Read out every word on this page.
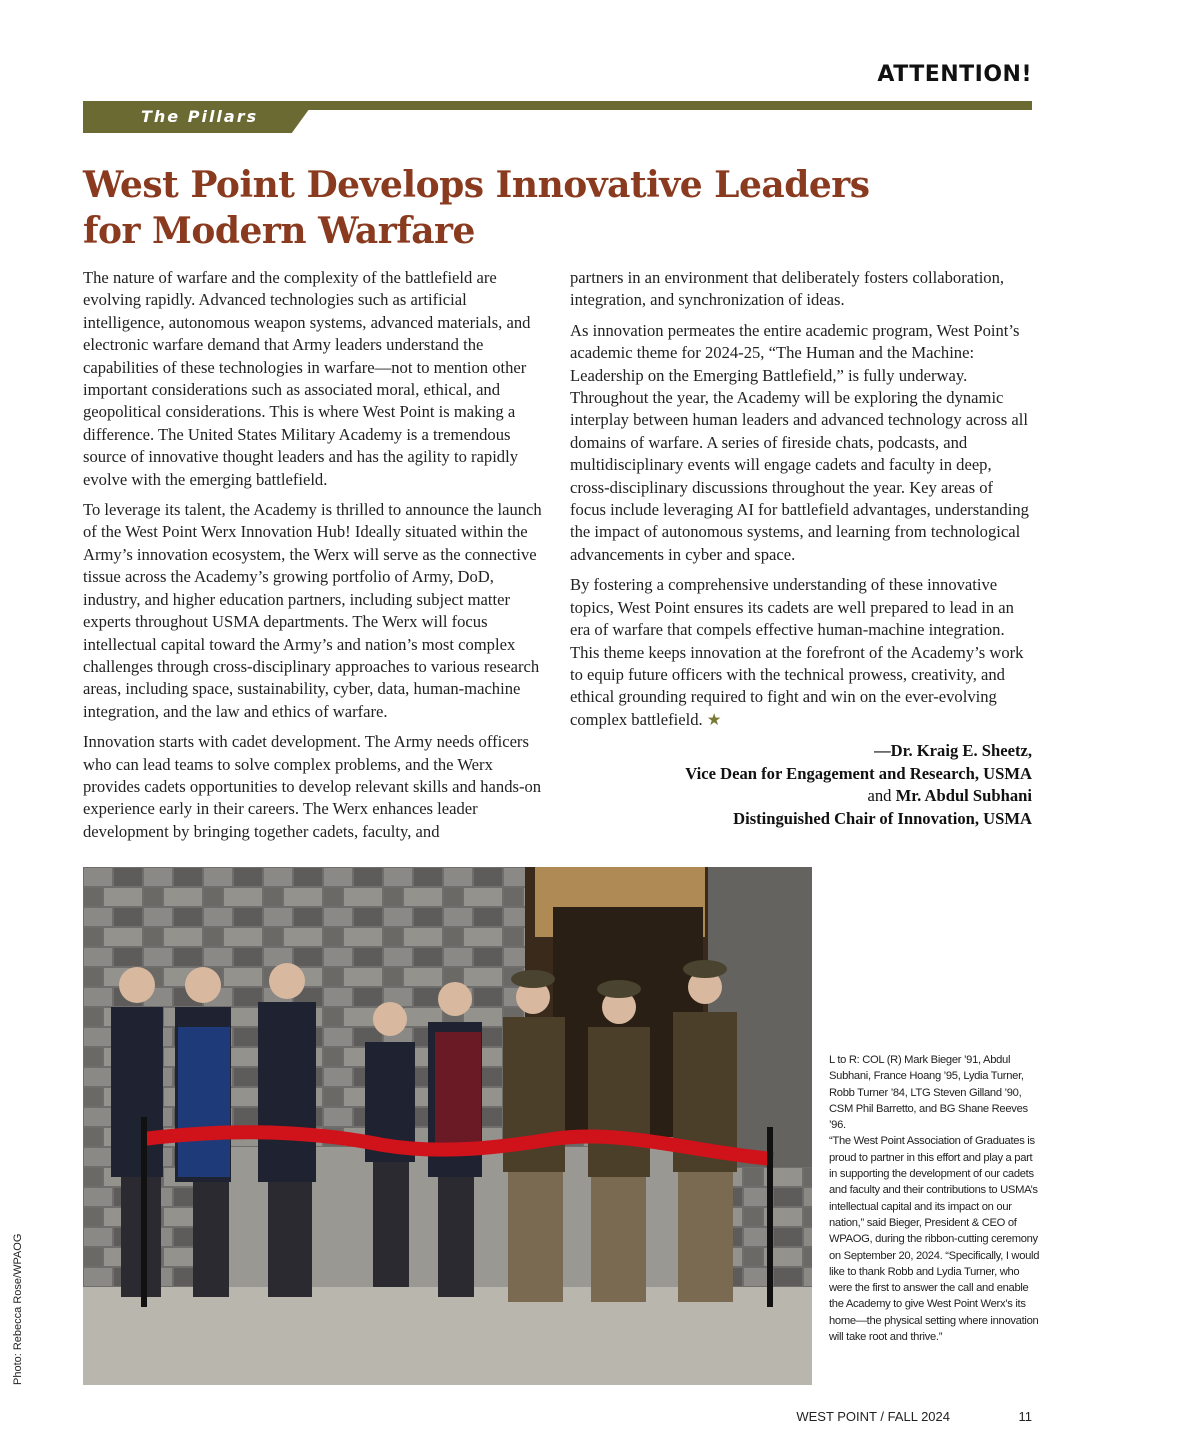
ATTENTION!
The Pillars
West Point Develops Innovative Leaders
for Modern Warfare

The nature of warfare and the complexity of the battlefield are evolving rapidly. Advanced technologies such as artificial intelligence, autonomous weapon systems, advanced materials, and electronic warfare demand that Army leaders understand the capabilities of these technologies in warfare—not to mention other important considerations such as associated moral, ethical, and geopolitical considerations. This is where West Point is making a difference. The United States Military Academy is a tremendous source of innovative thought leaders and has the agility to rapidly evolve with the emerging battlefield.

To leverage its talent, the Academy is thrilled to announce the launch of the West Point Werx Innovation Hub! Ideally situated within the Army’s innovation ecosystem, the Werx will serve as the connective tissue across the Academy’s growing portfolio of Army, DoD, industry, and higher education partners, including subject matter experts throughout USMA departments. The Werx will focus intellectual capital toward the Army’s and nation’s most complex challenges through cross-disciplinary approaches to various research areas, including space, sustainability, cyber, data, human-machine integration, and the law and ethics of warfare.

Innovation starts with cadet development. The Army needs officers who can lead teams to solve complex problems, and the Werx provides cadets opportunities to develop relevant skills and hands-on experience early in their careers. The Werx enhances leader development by bringing together cadets, faculty, and

partners in an environment that deliberately fosters collaboration, integration, and synchronization of ideas.

As innovation permeates the entire academic program, West Point’s academic theme for 2024-25, “The Human and the Machine: Leadership on the Emerging Battlefield,” is fully underway. Throughout the year, the Academy will be exploring the dynamic interplay between human leaders and advanced technology across all domains of warfare. A series of fireside chats, podcasts, and multidisciplinary events will engage cadets and faculty in deep, cross-disciplinary discussions throughout the year. Key areas of focus include leveraging AI for battlefield advantages, understanding the impact of autonomous systems, and learning from technological advancements in cyber and space.

By fostering a comprehensive understanding of these innovative topics, West Point ensures its cadets are well prepared to lead in an era of warfare that compels effective human-machine integration. This theme keeps innovation at the forefront of the Academy’s work to equip future officers with the technical prowess, creativity, and ethical grounding required to fight and win on the ever-evolving complex battlefield. ★

—Dr. Kraig E. Sheetz,
Vice Dean for Engagement and Research, USMA
and Mr. Abdul Subhani
Distinguished Chair of Innovation, USMA
Photo: Rebecca Rose/WPAOG

L to R: COL (R) Mark Bieger ’91, Abdul Subhani, France Hoang ’95, Lydia Turner, Robb Turner ’84, LTG Steven Gilland ’90, CSM Phil Barretto, and BG Shane Reeves ’96.

“The West Point Association of Graduates is proud to partner in this effort and play a part in supporting the development of our cadets and faculty and their contributions to USMA’s intellectual capital and its impact on our nation,” said Bieger, President & CEO of WPAOG, during the ribbon-cutting ceremony on September 20, 2024. “Specifically, I would like to thank Robb and Lydia Turner, who were the first to answer the call and enable the Academy to give West Point Werx’s its home—the physical setting where innovation will take root and thrive.”

WEST POINT / FALL 2024	11
